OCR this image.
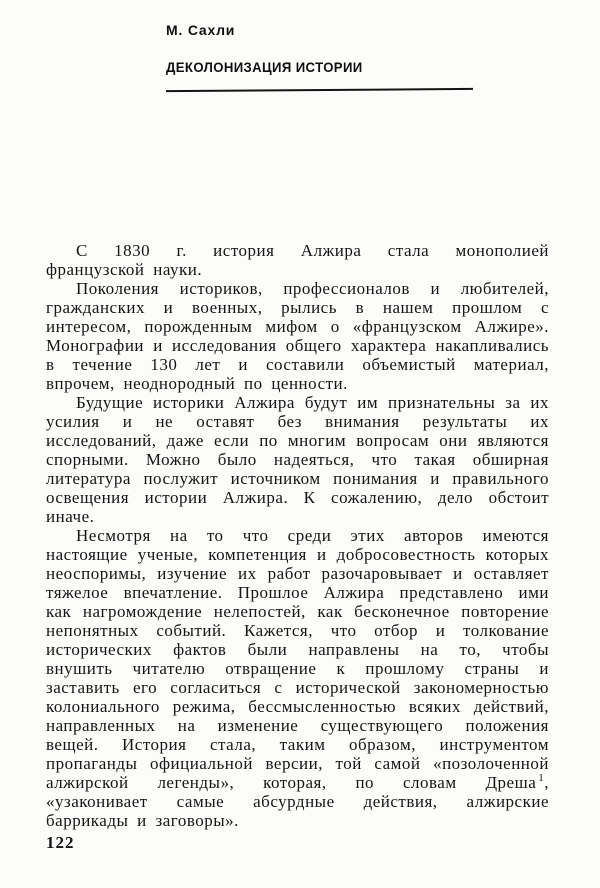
М. Сахли
ДЕКОЛОНИЗАЦИЯ ИСТОРИИ

С 1830 г. история Алжира стала монополией французской науки.

Поколения историков, профессионалов и любителей, гражданских и военных, рылись в нашем прошлом с интересом, порожденным мифом о «французском Алжире». Монографии и исследования общего характера накапливались в течение 130 лет и составили объемистый материал, впрочем, неоднородный по ценности.

Будущие историки Алжира будут им признательны за их усилия и не оставят без внимания результаты их исследований, даже если по многим вопросам они являются спорными. Можно было надеяться, что такая обширная литература послужит источником понимания и правильного освещения истории Алжира. К сожалению, дело обстоит иначе.

Несмотря на то что среди этих авторов имеются настоящие ученые, компетенция и добросовестность которых неоспоримы, изучение их работ разочаровывает и оставляет тяжелое впечатление. Прошлое Алжира представлено ими как нагромождение нелепостей, как бесконечное повторение непонятных событий. Кажется, что отбор и толкование исторических фактов были направлены на то, чтобы внушить читателю отвращение к прошлому страны и заставить его согласиться с исторической закономерностью колониального режима, бессмысленностью всяких действий, направленных на изменение существующего положения вещей. История стала, таким образом, инструментом пропаганды официальной версии, той самой «позолоченной алжирской легенды», которая, по словам Дреша $^1$, «узаконивает самые абсурдные действия, алжирские баррикады и заговоры».

122
